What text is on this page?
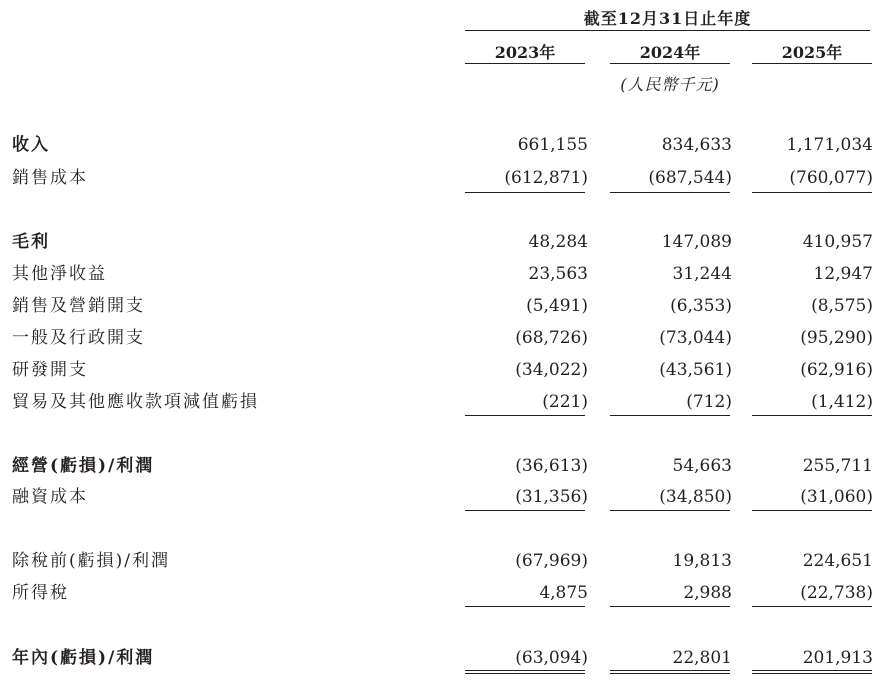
截至12月31日止年度
2023年	2024年	2025年
(人民幣千元)
收入	661,155	834,633	1,171,034
銷售成本	(612,871)	(687,544)	(760,077)
毛利	48,284	147,089	410,957
其他淨收益	23,563	31,244	12,947
銷售及營銷開支	(5,491)	(6,353)	(8,575)
一般及行政開支	(68,726)	(73,044)	(95,290)
研發開支	(34,022)	(43,561)	(62,916)
貿易及其他應收款項減值虧損	(221)	(712)	(1,412)
經營(虧損)/利潤	(36,613)	54,663	255,711
融資成本	(31,356)	(34,850)	(31,060)
除稅前(虧損)/利潤	(67,969)	19,813	224,651
所得稅	4,875	2,988	(22,738)
年內(虧損)/利潤	(63,094)	22,801	201,913
